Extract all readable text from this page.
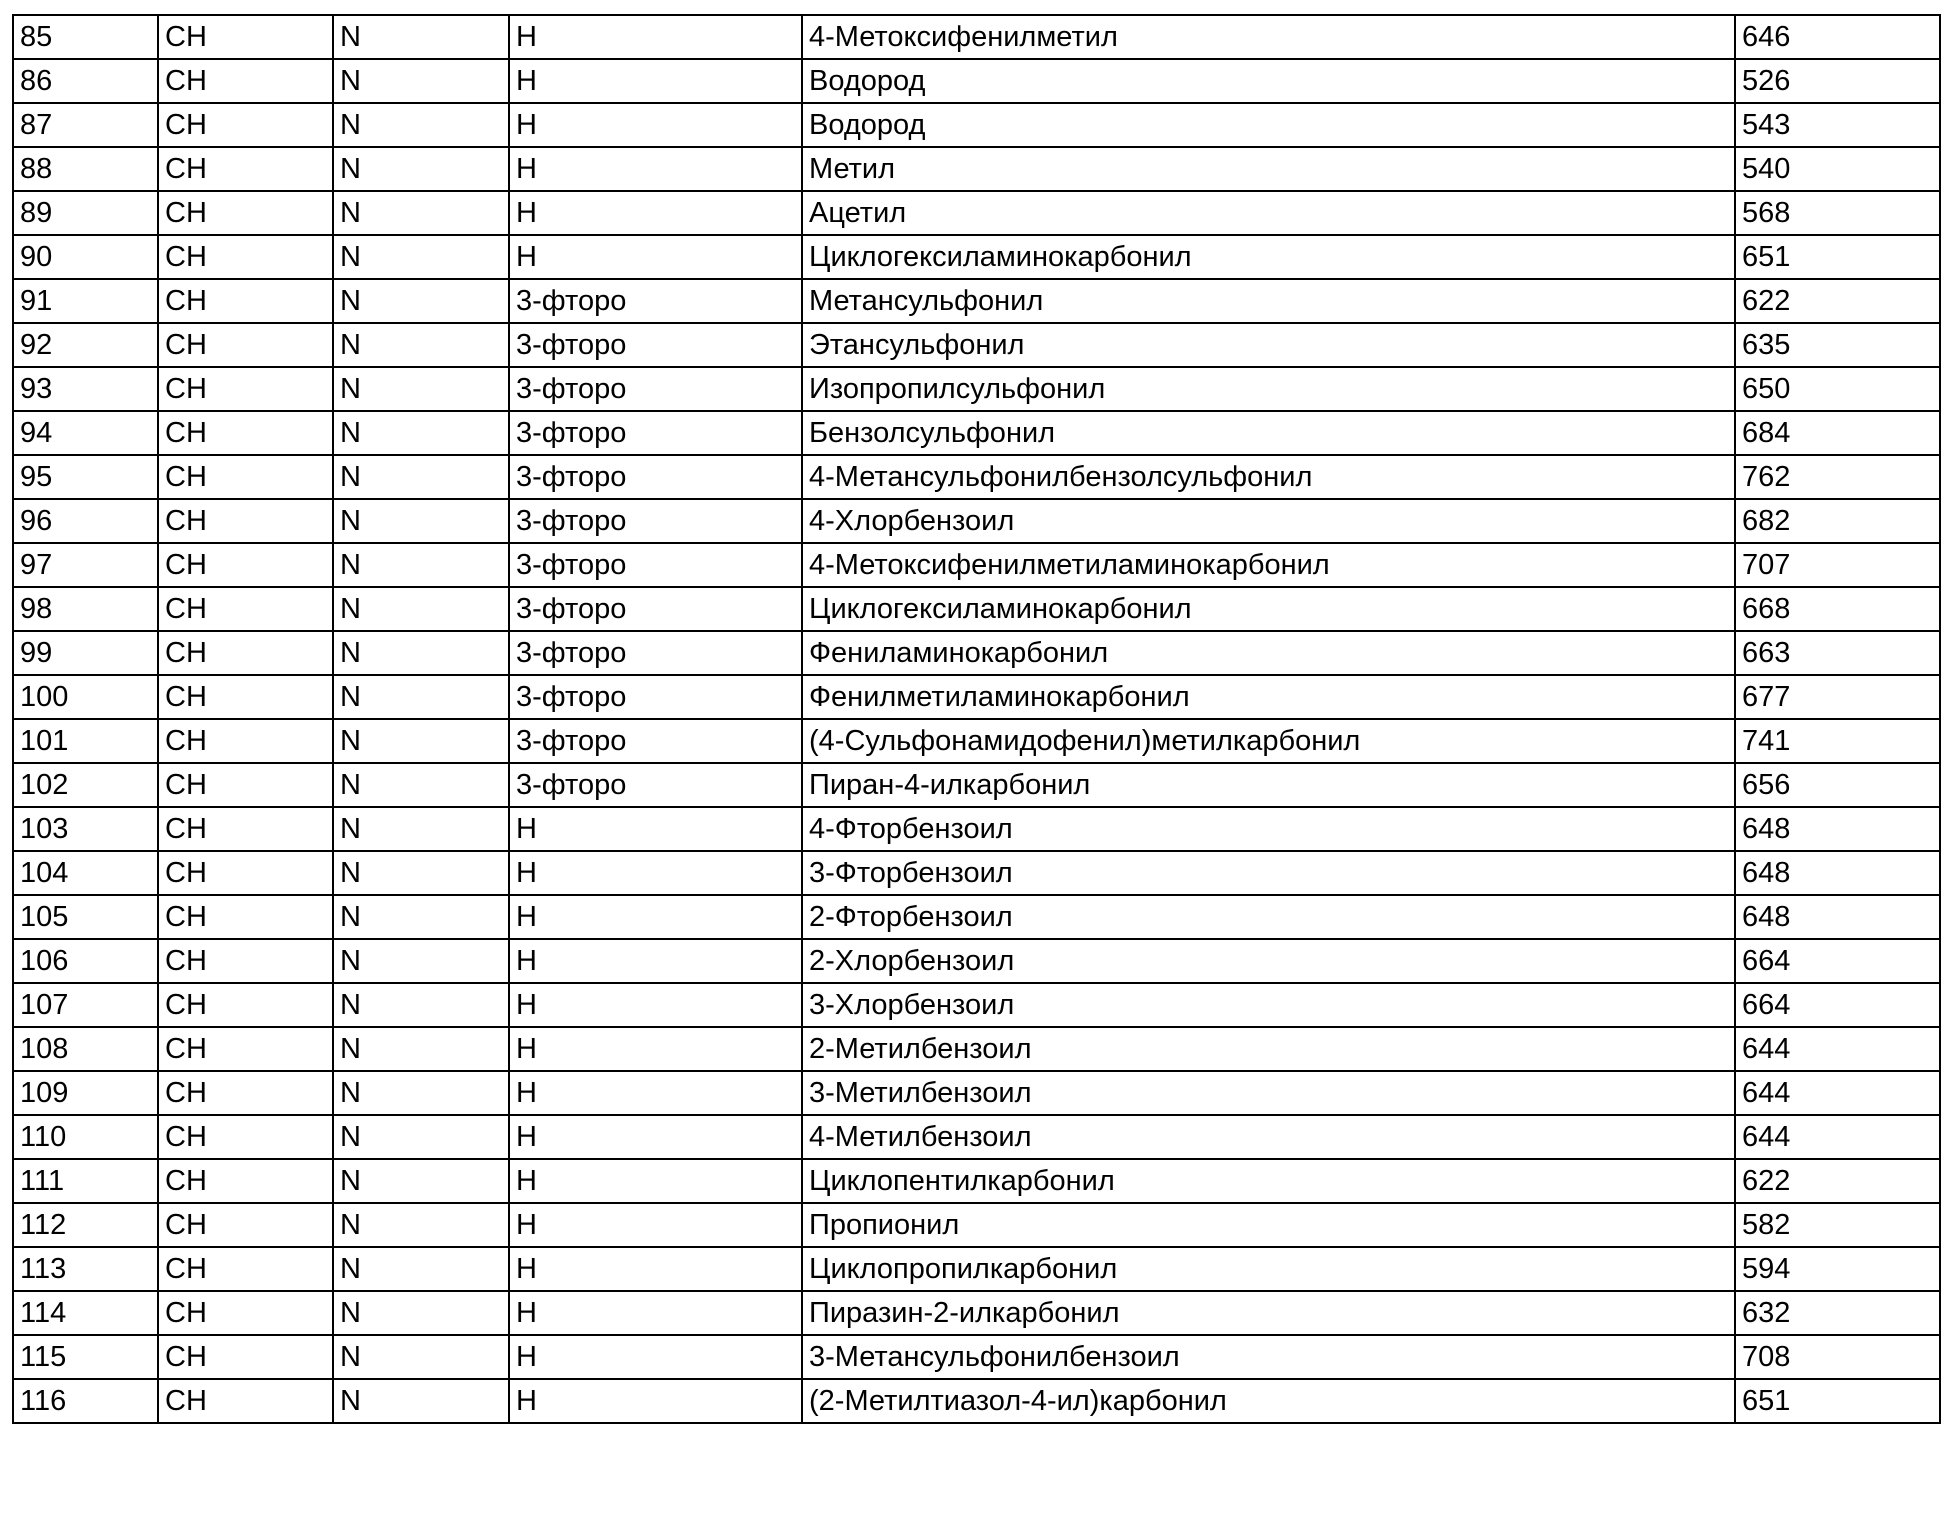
85	CH	N	H	4-Метоксифенилметил	646
86	CH	N	H	Водород	526
87	CH	N	H	Водород	543
88	CH	N	H	Метил	540
89	CH	N	H	Ацетил	568
90	CH	N	H	Циклогексиламинокарбонил	651
91	CH	N	3-фторо	Метансульфонил	622
92	CH	N	3-фторо	Этансульфонил	635
93	CH	N	3-фторо	Изопропилсульфонил	650
94	CH	N	3-фторо	Бензолсульфонил	684
95	CH	N	3-фторо	4-Метансульфонилбензолсульфонил	762
96	CH	N	3-фторо	4-Хлорбензоил	682
97	CH	N	3-фторо	4-Метоксифенилметиламинокарбонил	707
98	CH	N	3-фторо	Циклогексиламинокарбонил	668
99	CH	N	3-фторо	Фениламинокарбонил	663
100	CH	N	3-фторо	Фенилметиламинокарбонил	677
101	CH	N	3-фторо	(4-Сульфонамидофенил)метилкарбонил	741
102	CH	N	3-фторо	Пиран-4-илкарбонил	656
103	CH	N	H	4-Фторбензоил	648
104	CH	N	H	3-Фторбензоил	648
105	CH	N	H	2-Фторбензоил	648
106	CH	N	H	2-Хлорбензоил	664
107	CH	N	H	3-Хлорбензоил	664
108	CH	N	H	2-Метилбензоил	644
109	CH	N	H	3-Метилбензоил	644
110	CH	N	H	4-Метилбензоил	644
111	CH	N	H	Циклопентилкарбонил	622
112	CH	N	H	Пропионил	582
113	CH	N	H	Циклопропилкарбонил	594
114	CH	N	H	Пиразин-2-илкарбонил	632
115	CH	N	H	3-Метансульфонилбензоил	708
116	CH	N	H	(2-Метилтиазол-4-ил)карбонил	651
